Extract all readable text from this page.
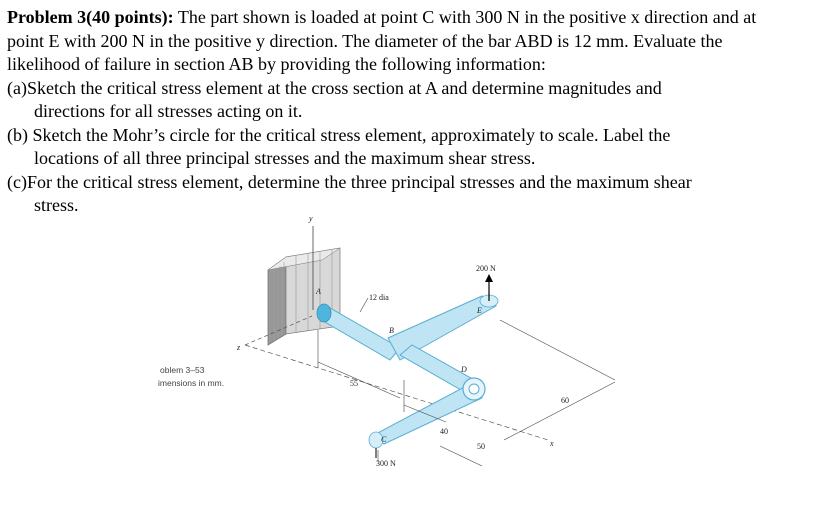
Problem 3(40 points): The part shown is loaded at point C with 300 N in the positive x direction and at
point E with 200 N in the positive y direction. The diameter of the bar ABD is 12 mm. Evaluate the
likelihood of failure in section AB by providing the following information:
(a)Sketch the critical stress element at the cross section at A and determine magnitudes and
directions for all stresses acting on it.
(b) Sketch the Mohr’s circle for the critical stress element, approximately to scale. Label the
locations of all three principal stresses and the maximum shear stress.
(c)For the critical stress element, determine the three principal stresses and the maximum shear
stress.
oblem 3–53
imensions in mm.
y
x
z
A
B
12 dia
E
D
C
200 N
300 N
55
40
50
60
